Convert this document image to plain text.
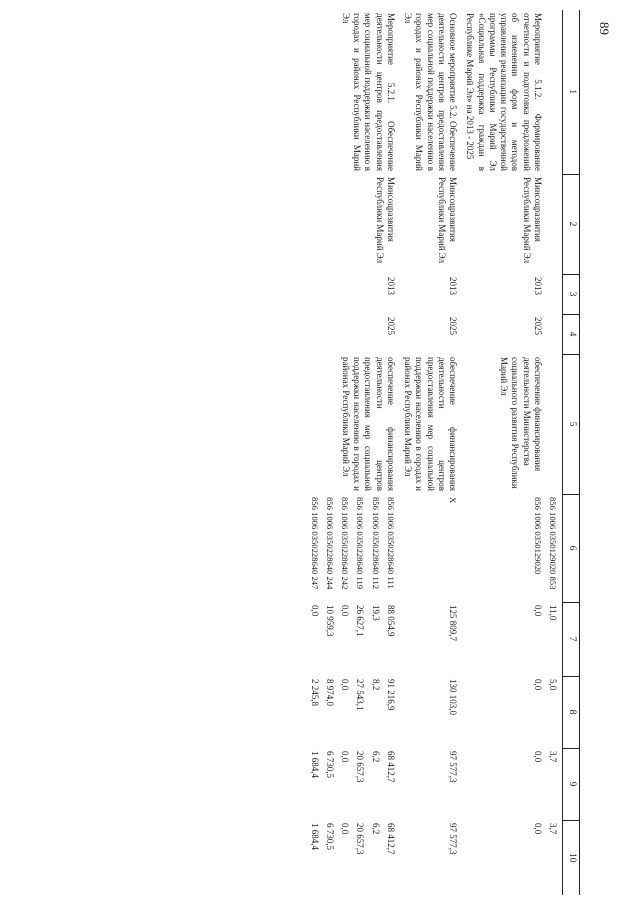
89
1	2	3	4	5	6	7	8	9	10
					856 1006 0350129020 853	11,0	5,0	3,7	3,7
Мероприятие 5.1.2. Формирование отчетности и подготовка предложений об изменении форм и методов управления реализации государственной программы Республики Марий Эл «Социальная поддержка граждан в Республике Марий Эл» на 2013 - 2025	Минсоцразвития Республики Марий Эл	2013	2025	обеспечение финансирования деятельности Министерства социального развития Республики Марий Эл	856 1006 0350129020	0,0	0,0	0,0	0,0
Основное мероприятие 5.2. Обеспечение деятельности центров предоставления мер социальной поддержки населению в городах и районах Республики Марий Эл	Минсоцразвития Республики Марий Эл	2013	2025	обеспечение финансирования деятельности центров предоставления мер социальной поддержки населению в городах и районах Республики Марий Эл	X	125 809,7	130 103,0	97 577,3	97 577,3
Мероприятие 5.2.1. Обеспечение деятельности центров предоставления мер социальной поддержки населению в городах и районах Республики Марий Эл	Минсоцразвития Республики Марий Эл	2013	2025	обеспечение финансирования деятельности центров предоставления мер социальной поддержки населению в городах и районах Республики Марий Эл	856 1006 0350228640 111	88 054,9	91 216,9	68 412,7	68 412,7
					856 1006 0350228640 112	19,3	8,2	6,2	6,2
					856 1006 0350228640 119	26 627,1	27 543,1	20 657,3	20 657,3
					856 1006 0350228640 242	0,0	0,0	0,0	0,0
					856 1006 0350228640 244	10 959,3	8 974,0	6 730,5	6 730,5
					856 1006 0350228640 247	0,0	2 245,8	1 684,4	1 684,4
